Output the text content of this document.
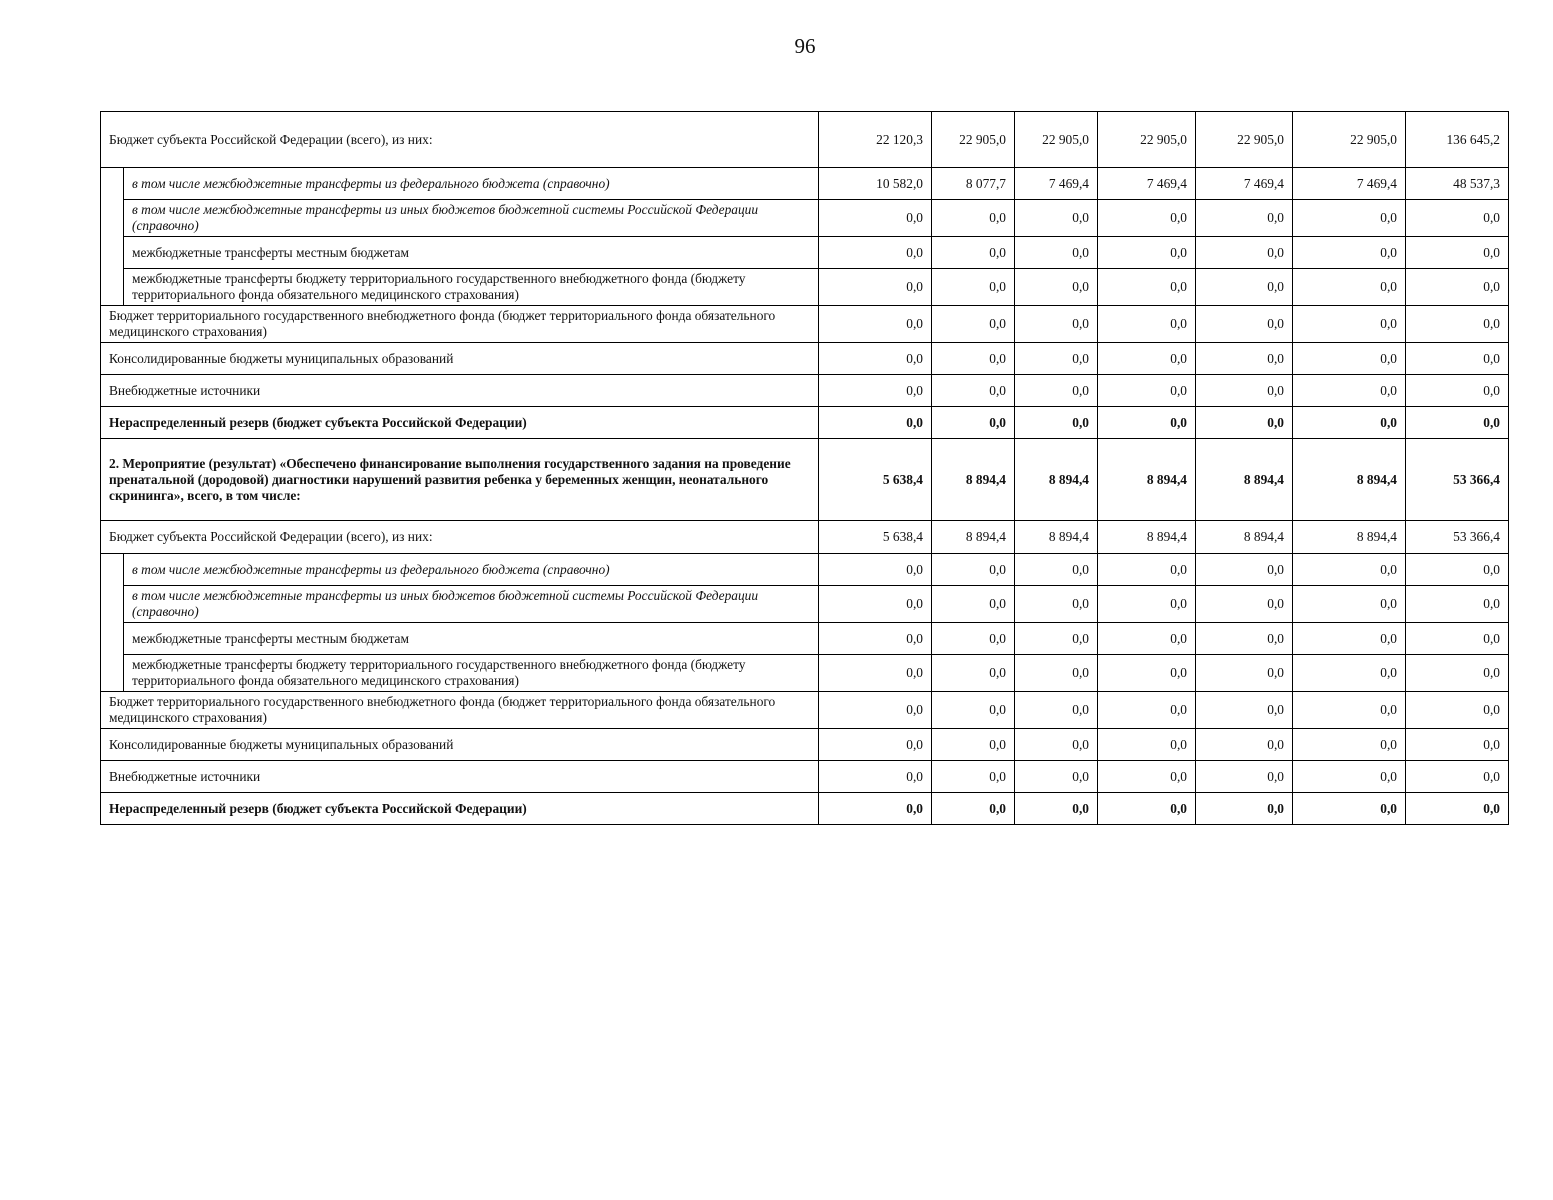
96
Бюджет субъекта Российской Федерации (всего), из них:		22 120,3	22 905,0	22 905,0	22 905,0	22 905,0	22 905,0	136 645,2
	в том числе межбюджетные трансферты из федерального бюджета (справочно)	10 582,0	8 077,7	7 469,4	7 469,4	7 469,4	7 469,4	48 537,3
	в том числе межбюджетные трансферты из иных бюджетов бюджетной системы Российской Федерации (справочно)	0,0	0,0	0,0	0,0	0,0	0,0	0,0
	межбюджетные трансферты местным бюджетам	0,0	0,0	0,0	0,0	0,0	0,0	0,0
	межбюджетные трансферты бюджету территориального государственного внебюджетного фонда (бюджету территориального фонда обязательного медицинского страхования)	0,0	0,0	0,0	0,0	0,0	0,0	0,0
Бюджет территориального государственного внебюджетного фонда (бюджет территориального фонда обязательного медицинского страхования)		0,0	0,0	0,0	0,0	0,0	0,0	0,0
Консолидированные бюджеты муниципальных образований		0,0	0,0	0,0	0,0	0,0	0,0	0,0
Внебюджетные источники		0,0	0,0	0,0	0,0	0,0	0,0	0,0
Нераспределенный резерв (бюджет субъекта Российской Федерации)		0,0	0,0	0,0	0,0	0,0	0,0	0,0
2. Мероприятие (результат) «Обеспечено финансирование выполнения государственного задания на проведение пренатальной (дородовой) диагностики нарушений развития ребенка у беременных женщин, неонатального скрининга», всего, в том числе:		5 638,4	8 894,4	8 894,4	8 894,4	8 894,4	8 894,4	53 366,4
Бюджет субъекта Российской Федерации (всего), из них:		5 638,4	8 894,4	8 894,4	8 894,4	8 894,4	8 894,4	53 366,4
	в том числе межбюджетные трансферты из федерального бюджета (справочно)	0,0	0,0	0,0	0,0	0,0	0,0	0,0
	в том числе межбюджетные трансферты из иных бюджетов бюджетной системы Российской Федерации (справочно)	0,0	0,0	0,0	0,0	0,0	0,0	0,0
	межбюджетные трансферты местным бюджетам	0,0	0,0	0,0	0,0	0,0	0,0	0,0
	межбюджетные трансферты бюджету территориального государственного внебюджетного фонда (бюджету территориального фонда обязательного медицинского страхования)	0,0	0,0	0,0	0,0	0,0	0,0	0,0
Бюджет территориального государственного внебюджетного фонда (бюджет территориального фонда обязательного медицинского страхования)		0,0	0,0	0,0	0,0	0,0	0,0	0,0
Консолидированные бюджеты муниципальных образований		0,0	0,0	0,0	0,0	0,0	0,0	0,0
Внебюджетные источники		0,0	0,0	0,0	0,0	0,0	0,0	0,0
Нераспределенный резерв (бюджет субъекта Российской Федерации)		0,0	0,0	0,0	0,0	0,0	0,0	0,0
